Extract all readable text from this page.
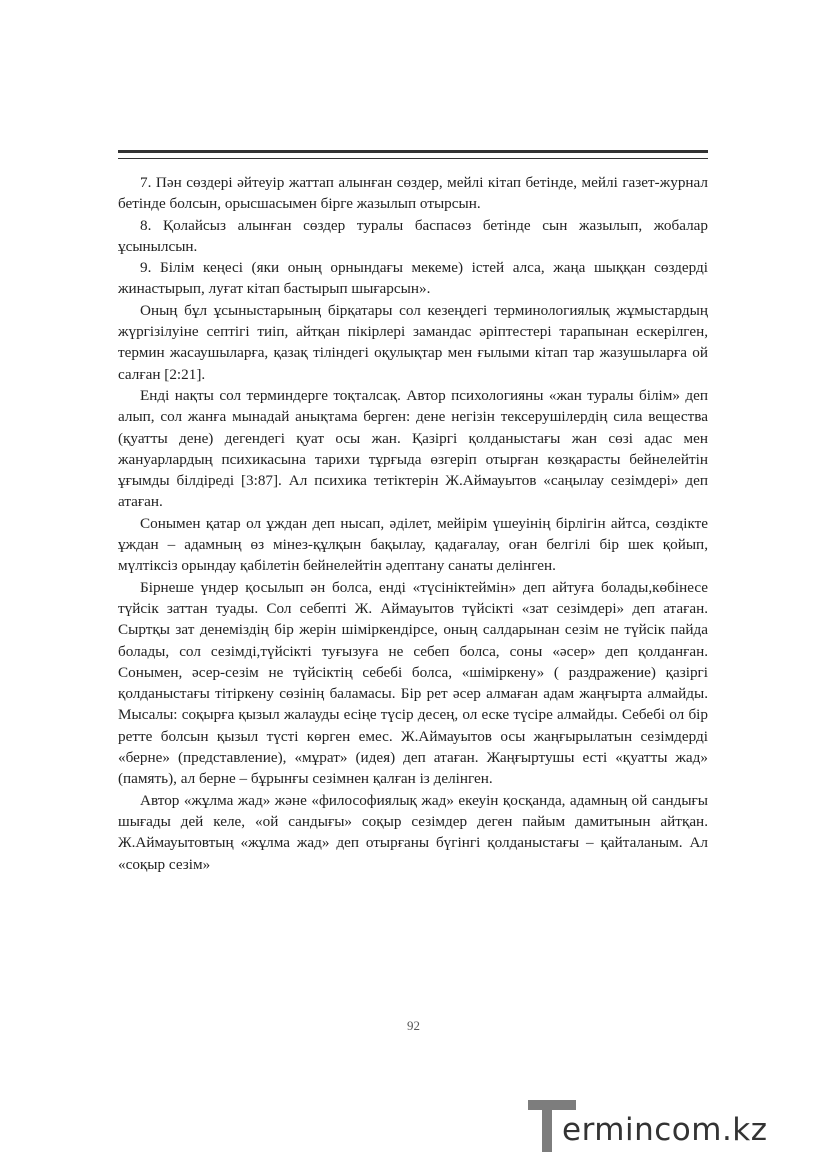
7. Пән сөздері әйтеуір жаттап алынған сөздер, мейлі кітап бетінде, мейлі газет-журнал бетінде болсын, орысшасымен бірге жазылып отырсын.

8. Қолайсыз алынған сөздер туралы баспасөз бетінде сын жазылып, жобалар ұсынылсын.

9. Білім кеңесі (яки оның орнындағы мекеме) істей алса, жаңа шыққан сөздерді жинастырып, луғат кітап бастырып шығарсын».

Оның бұл ұсыныстарының бірқатары сол кезеңдегі терминологиялық жұмыстардың жүргізілуіне септігі тиіп, айтқан пікірлері замандас әріптестері тарапынан ескерілген, термин жасаушыларға, қазақ тіліндегі оқулықтар мен ғылыми кітап тар жазушыларға ой салған [2:21].

Енді нақты сол терминдерге тоқталсақ. Автор психологияны «жан туралы білім» деп алып, сол жанға мынадай анықтама берген: дене негізін тексерушілердің сила вещества (қуатты дене) дегендегі қуат осы жан. Қазіргі қолданыстағы жан сөзі адас мен жануарлардың психикасына тарихи тұрғыда өзгеріп отырған көзқарасты бейнелейтін ұғымды білдіреді [3:87]. Ал психика тетіктерін Ж.Аймауытов «саңылау сезімдері» деп атаған.

Сонымен қатар ол ұждан деп нысап, әділет, мейірім үшеуінің бірлігін айтса, сөздікте ұждан – адамның өз мінез-құлқын бақылау, қадағалау, оған белгілі бір шек қойып, мүлтіксіз орындау қабілетін бейнелейтін әдептану санаты делінген.

Бірнеше үндер қосылып ән болса, енді «түсініктеймін» деп айтуға болады,көбінесе түйсік заттан туады. Сол себепті Ж. Аймауытов түйсікті «зат сезімдері» деп атаған. Сыртқы зат денеміздің бір жерін шіміркендірсе, оның салдарынан сезім не түйсік пайда болады, сол сезімді,түйсікті туғызуға не себеп болса, соны «әсер» деп қолданған. Сонымен, әсер-сезім не түйсіктің себебі болса, «шіміркену» ( раздражение) қазіргі қолданыстағы тітіркену сөзінің баламасы. Бір рет әсер алмаған адам жаңғырта алмайды. Мысалы: соқырға қызыл жалауды есіңе түсір десең, ол еске түсіре алмайды. Себебі ол бір ретте болсын қызыл түсті көрген емес. Ж.Аймауытов осы жаңғырылатын сезімдерді «берне» (представление), «мұрат» (идея) деп атаған. Жаңғыртушы есті «қуатты жад» (память), ал берне – бұрынғы сезімнен қалған із делінген.

Автор «жұлма жад» және «философиялық жад» екеуін қосқанда, адамның ой сандығы шығады дей келе, «ой сандығы» соқыр сезімдер деген пайым дамитынын айтқан. Ж.Аймауытовтың «жұлма жад» деп отырғаны бүгінгі қолданыстағы – қайталаным. Ал «соқыр сезім»

92
ermincom.kz
